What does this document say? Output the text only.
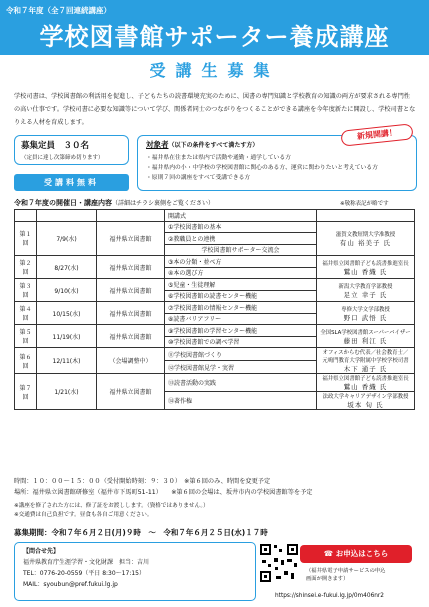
令和７年度（全７回連続講座）
学校図書館サポーター養成講座
受講生募集
学校司書は、学校図書館の利活用を促進し、子どもたちの読書環境充実のために、図書の専門知識と学校教育の知識の両方が要求される専門性の高い仕事です。学校司書に必要な知識等について学び、関係者同士のつながりをつくることができる講座を今年度新たに開設し、学校司書となりえる人材を育成します。
募集定員　３０名
（定員に達し次第締め切ります）
受講料無料
対象者（以下の条件をすべて満たす方）
・福井県在住または県内で活動や通勤・通学している方
・福井県内の小・中学校の学校図書館に関心のある方、運営に関わりたいと考えている方
・原則７回の講座をすべて受講できる方
新規開講！
令和７年度の開催日・講座内容（詳細はチラシ裏側をご覧ください）	※敬称表記が略です
			開講式	
第１回	7/9(水)	福井県立図書館	①学校図書館の基本	滋賀文教短期大学准教授
有山 裕美子 氏

			②教職員との連携	
			学校図書館サポーター交流会	
第２回	8/27(水)	福井県立図書館	③本の分類・並べ方	福井県立図書館子ども読書推進室長
鷲山 香織 氏

			④本の選び方	
第３回	9/10(水)	福井県立図書館	⑤児童・生徒理解	新潟大学教育学部教授
足立 幸子 氏

			⑥学校図書館の読書センター機能	
第４回	10/15(水)	福井県立図書館	⑦学校図書館の情報センター機能	専修大学文学部教授
野口 武悟 氏

			⑧読書バリアフリー	
第５回	11/19(水)	福井県立図書館	⑨学校図書館の学習センター機能	全国SLA学校図書館スーパーバイザー
藤田 利江 氏

			⑩学校図書館での調べ学習	
第６回	12/11(木)	（会場調整中）	⑪学校図書館づくり	オフィスからむ代表／社会教育士／元鳴門教育大学附属中学校学校司書
木下 通子 氏

			⑫学校図書館見学・実習	
第７回	1/21(水)	福井県立図書館	⑬読書活動の実践	福井県立図書館子ども読書推進室長
鷲山 香織 氏

			⑭著作権	法政大学キャリアデザイン学部教授
坂本 旬 氏
時間：１０：００～１５：００（受付開始時刻：９：３０）　※第６回のみ、時間を変更予定
場所：福井県立図書館研修室（福井市下馬町51-11）　　※第６回の会場は、坂井市内の学校図書館等を予定
※講座を修了された方には、修了証をお渡しします。（資格ではありません。）
※交通費は自己負担です。昼食も各自ご用意ください。
募集期間：令和７年６月２日(月)９時　～　令和７年６月２５日(水)１７時
【問合せ先】
福井県教育庁生涯学習・文化財課　担当：吉川
TEL：0776-20-0559（平日 8:30～17:15）
MAIL：syoubun@pref.fukui.lg.jp
☎ お申込はこちら
（福井県電子申請サービスの申込
画面が開きます）
https://shinsei.e-fukui.lg.jp/0m406nr2
